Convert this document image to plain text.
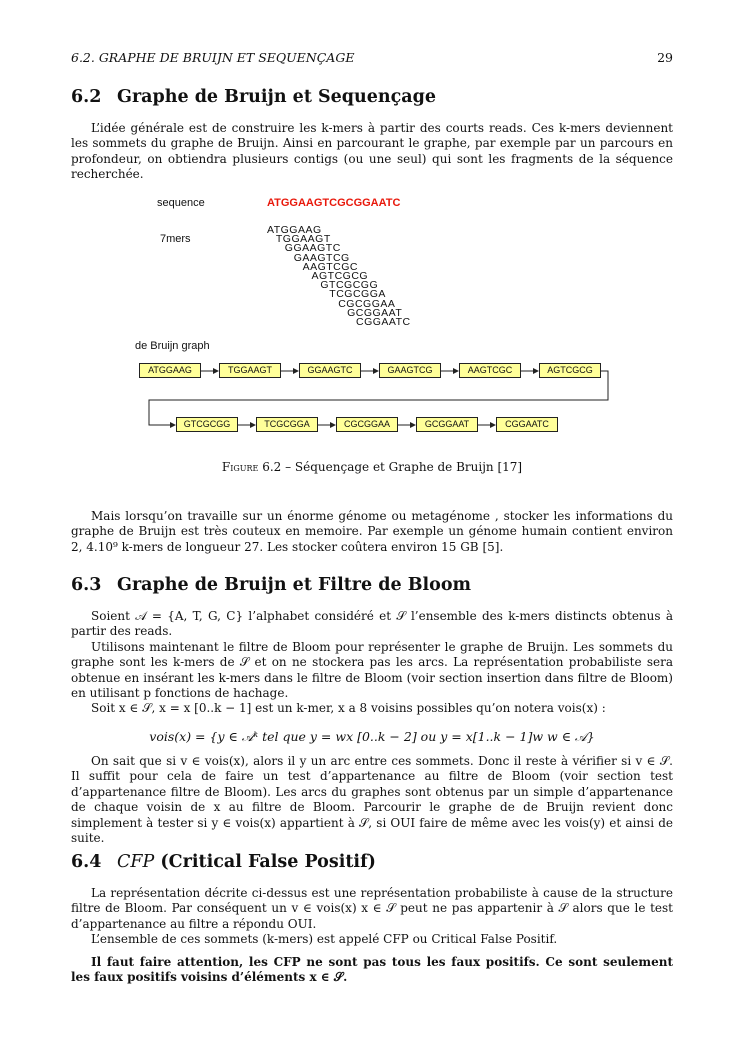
6.2. GRAPHE DE BRUIJN ET SEQUENÇAGE	29
6.2 Graphe de Bruijn et Sequençage

L’idée générale est de construire les k-mers à partir des courts reads. Ces k-mers deviennent les sommets du graphe de Bruijn. Ainsi en parcourant le graphe, par exemple par un parcours en profondeur, on obtiendra plusieurs contigs (ou une seul) qui sont les fragments de la séquence recherchée.

sequence	ATGGAAGTCGCGGAATC
7mers
ATGGAAG
TGGAAGT
GGAAGTC
GAAGTCG
AAGTCGC
AGTCGCG
GTCGCGG
TCGCGGA
CGCGGAA
GCGGAAT
CGGAATC
de Bruijn graph
ATGGAAG	TGGAAGT	GGAAGTC	GAAGTCG	AAGTCGC	AGTCGCG
GTCGCGG	TCGCGGA	CGCGGAA	GCGGAAT	CGGAATC
Figure 6.2 – Séquençage et Graphe de Bruijn [17]

Mais lorsqu’on travaille sur un énorme génome ou metagénome , stocker les informations du graphe de Bruijn est très couteux en memoire. Par exemple un génome humain contient environ 2, 4.10⁹ k-mers de longueur 27. Les stocker coûtera environ 15 GB [5].

6.3 Graphe de Bruijn et Filtre de Bloom

Soient 𝒜 = {A, T, G, C} l’alphabet considéré et 𝒮 l’ensemble des k-mers distincts obtenus à partir des reads.

Utilisons maintenant le filtre de Bloom pour représenter le graphe de Bruijn. Les sommets du graphe sont les k-mers de 𝒮 et on ne stockera pas les arcs. La représentation probabiliste sera obtenue en insérant les k-mers dans le filtre de Bloom (voir section insertion dans filtre de Bloom) en utilisant p fonctions de hachage.

Soit x ∈ 𝒮, x = x [0..k − 1] est un k-mer, x a 8 voisins possibles qu’on notera vois(x) :

vois(x) = {y ∈ 𝒜ᵏ tel que y = wx [0..k − 2] ou y = x[1..k − 1]w w ∈ 𝒜}

On sait que si v ∈ vois(x), alors il y un arc entre ces sommets. Donc il reste à vérifier si v ∈ 𝒮. Il suffit pour cela de faire un test d’appartenance au filtre de Bloom (voir section test d’appartenance filtre de Bloom). Les arcs du graphes sont obtenus par un simple d’appartenance de chaque voisin de x au filtre de Bloom. Parcourir le graphe de de Bruijn revient donc simplement à tester si y ∈ vois(x) appartient à 𝒮, si OUI faire de même avec les vois(y) et ainsi de suite.

6.4 CFP (Critical False Positif)

La représentation décrite ci-dessus est une représentation probabiliste à cause de la structure filtre de Bloom. Par conséquent un v ∈ vois(x) x ∈ 𝒮 peut ne pas appartenir à 𝒮 alors que le test d’appartenance au filtre a répondu OUI.

L’ensemble de ces sommets (k-mers) est appelé CFP ou Critical False Positif.

Il faut faire attention, les CFP ne sont pas tous les faux positifs. Ce sont seulement les faux positifs voisins d’éléments x ∈ 𝒮.
